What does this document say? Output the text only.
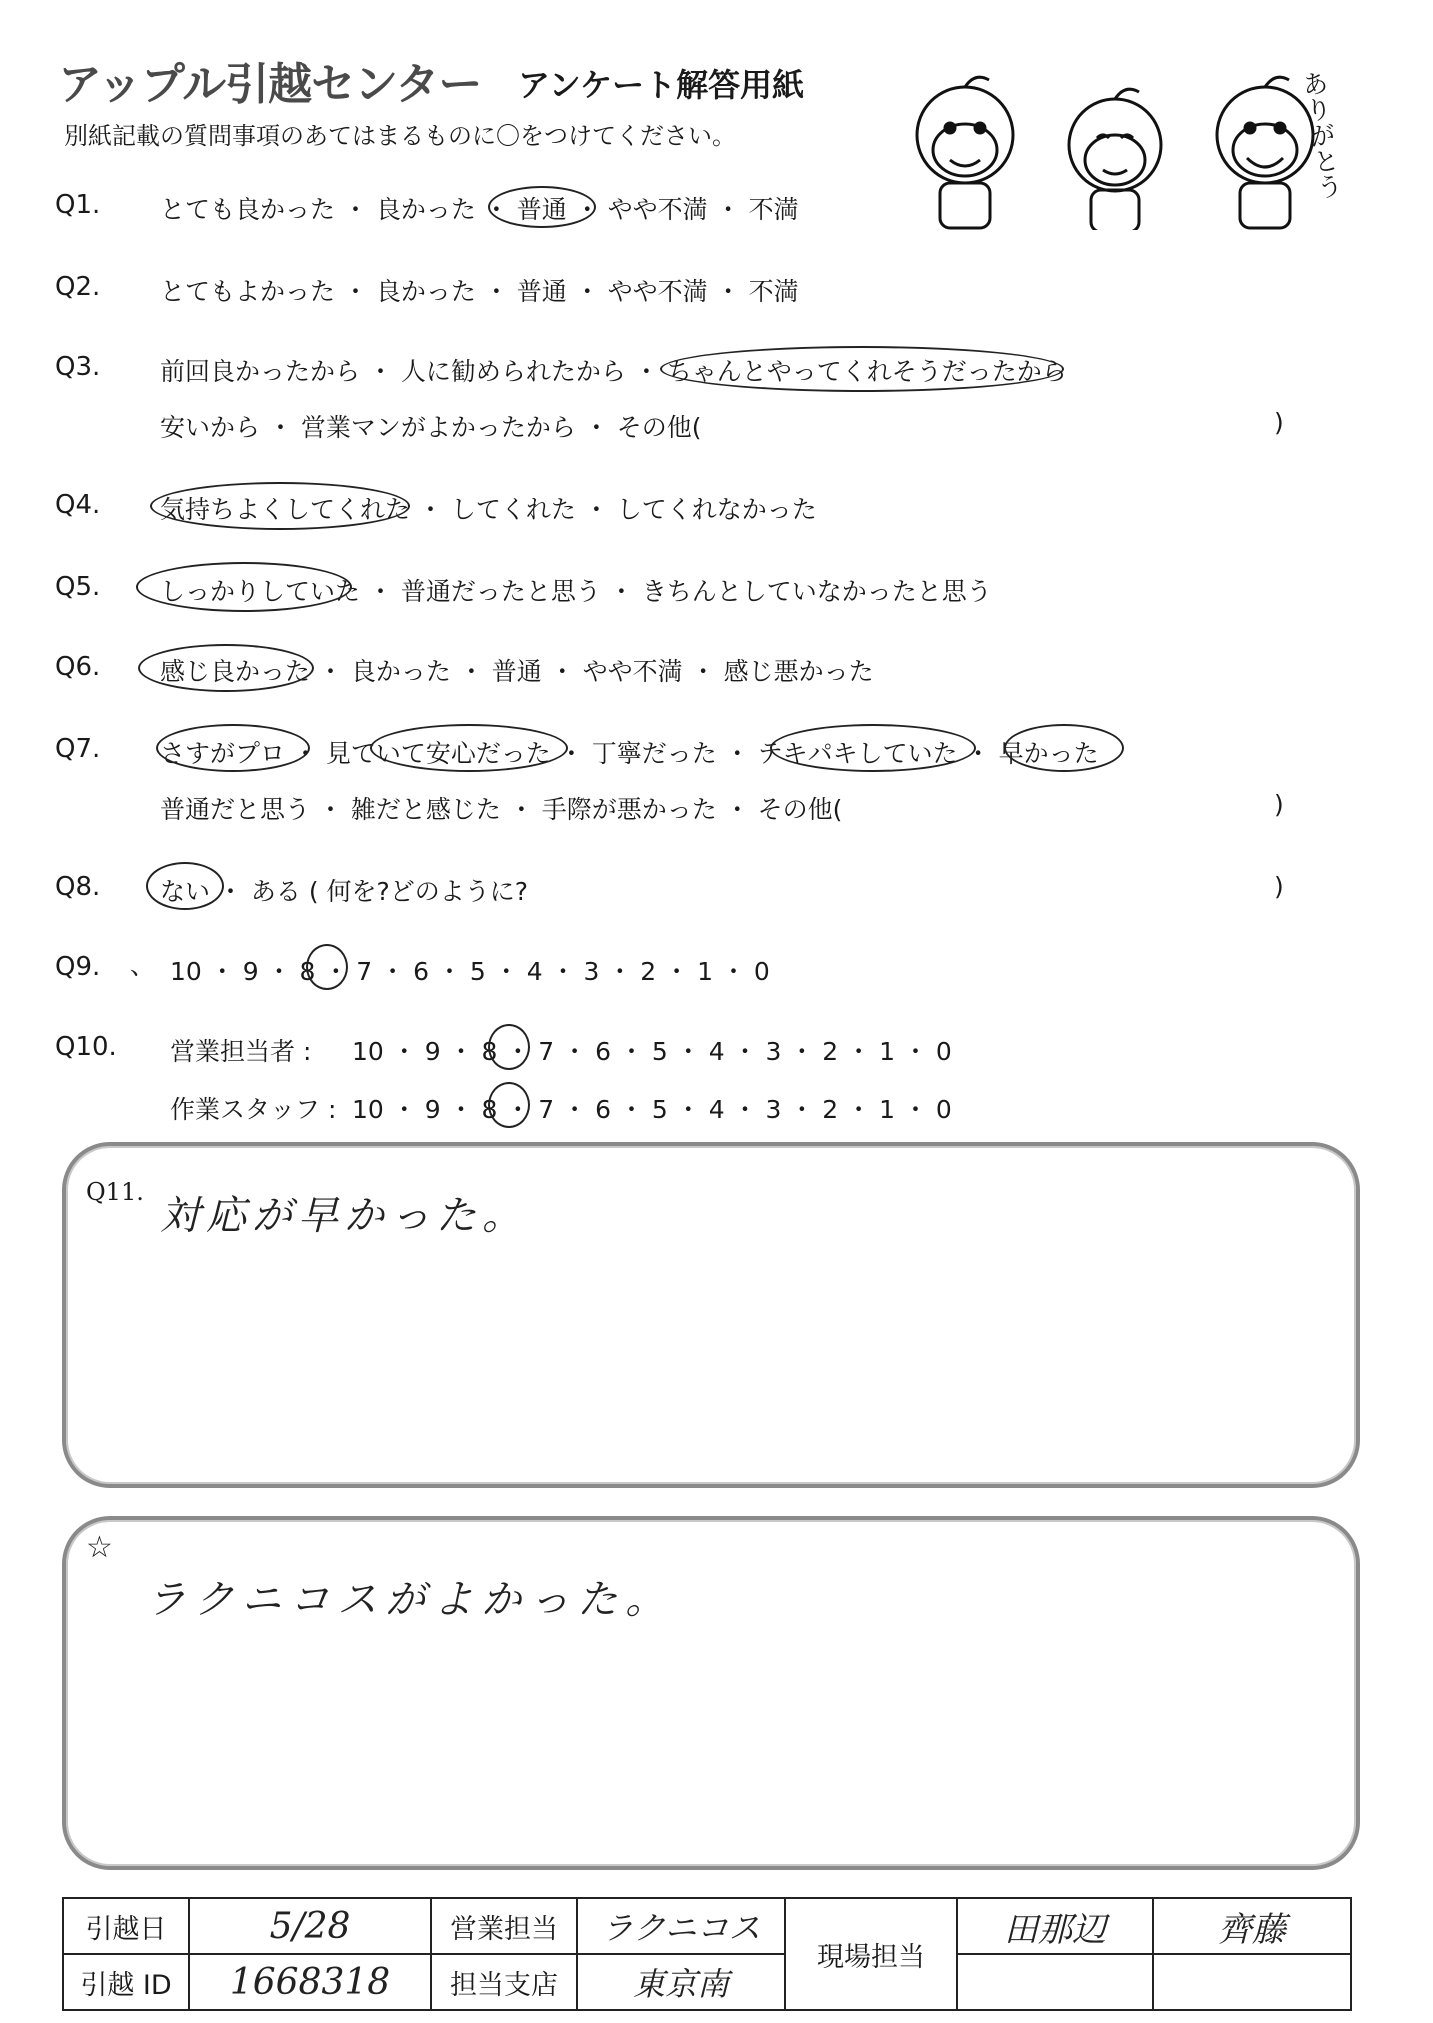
アップル引越センター アンケート解答用紙
別紙記載の質問事項のあてはまるものに〇をつけてください。	ありがとう
Q1. とても良かった ・ 良かった ・ 普通 ・ やや不満 ・ 不満
Q2. とてもよかった ・ 良かった ・ 普通 ・ やや不満 ・ 不満
Q3. 前回良かったから ・ 人に勧められたから ・ ちゃんとやってくれそうだったから
安いから ・ 営業マンがよかったから ・ その他(	)
Q4. 気持ちよくしてくれた ・ してくれた ・ してくれなかった
Q5. しっかりしていた ・ 普通だったと思う ・ きちんとしていなかったと思う
Q6. 感じ良かった ・ 良かった ・ 普通 ・ やや不満 ・ 感じ悪かった
Q7. さすがプロ ・ 見ていて安心だった ・ 丁寧だった ・ テキパキしていた ・ 早かった
普通だと思う ・ 雑だと感じた ・ 手際が悪かった ・ その他(	)
Q8. ない ・ ある ( 何を?どのように?	)
Q9. 、 10 ・ 9 ・ 8 ・ 7 ・ 6 ・ 5 ・ 4 ・ 3 ・ 2 ・ 1 ・ 0
Q10. 営業担当者 : 10 ・ 9 ・ 8 ・ 7 ・ 6 ・ 5 ・ 4 ・ 3 ・ 2 ・ 1 ・ 0
作業スタッフ : 10 ・ 9 ・ 8 ・ 7 ・ 6 ・ 5 ・ 4 ・ 3 ・ 2 ・ 1 ・ 0
Q11.
対応が早かった。
☆
ラクニコスがよかった。
引越日	5/28	営業担当	ラクニコス	現場担当	田那辺	齊藤
引越 ID	1668318	担当支店	東京南			
